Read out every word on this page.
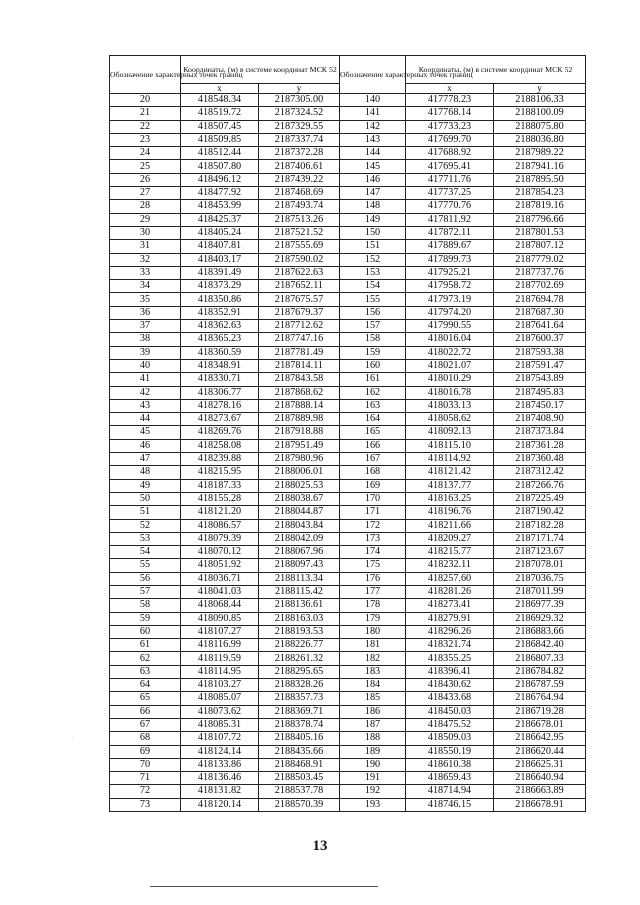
Обозначение характерных точек границ	Координаты, (м) в системе координат МСК 52		Обозначение характерных точек границ	Координаты, (м) в системе координат МСК 52	
	x	y		x	y
20	418548.34	2187305.00	140	417778.23	2188106.33
21	418519.72	2187324.52	141	417768.14	2188100.09
22	418507.45	2187329.55	142	417733.23	2188075.80
23	418509.85	2187337.74	143	417699.70	2188036.80
24	418512.44	2187372.28	144	417688.92	2187989.22
25	418507.80	2187406.61	145	417695.41	2187941.16
26	418496.12	2187439.22	146	417711.76	2187895.50
27	418477.92	2187468.69	147	417737.25	2187854.23
28	418453.99	2187493.74	148	417770.76	2187819.16
29	418425.37	2187513.26	149	417811.92	2187796.66
30	418405.24	2187521.52	150	417872.11	2187801.53
31	418407.81	2187555.69	151	417889.67	2187807.12
32	418403.17	2187590.02	152	417899.73	2187779.02
33	418391.49	2187622.63	153	417925.21	2187737.76
34	418373.29	2187652.11	154	417958.72	2187702.69
35	418350.86	2187675.57	155	417973.19	2187694.78
36	418352.91	2187679.37	156	417974.20	2187687.30
37	418362.63	2187712.62	157	417990.55	2187641.64
38	418365.23	2187747.16	158	418016.04	2187600.37
39	418360.59	2187781.49	159	418022.72	2187593.38
40	418348.91	2187814.11	160	418021.07	2187591.47
41	418330.71	2187843.58	161	418010.29	2187543.89
42	418306.77	2187868.62	162	418016.78	2187495.83
43	418278.16	2187888.14	163	418033.13	2187450.17
44	418273.67	2187889.98	164	418058.62	2187408.90
45	418269.76	2187918.88	165	418092.13	2187373.84
46	418258.08	2187951.49	166	418115.10	2187361.28
47	418239.88	2187980.96	167	418114.92	2187360.48
48	418215.95	2188006.01	168	418121.42	2187312.42
49	418187.33	2188025.53	169	418137.77	2187266.76
50	418155.28	2188038.67	170	418163.25	2187225.49
51	418121.20	2188044.87	171	418196.76	2187190.42
52	418086.57	2188043.84	172	418211.66	2187182.28
53	418079.39	2188042.09	173	418209.27	2187171.74
54	418070.12	2188067.96	174	418215.77	2187123.67
55	418051.92	2188097.43	175	418232.11	2187078.01
56	418036.71	2188113.34	176	418257.60	2187036.75
57	418041.03	2188115.42	177	418281.26	2187011.99
58	418068.44	2188136.61	178	418273.41	2186977.39
59	418090.85	2188163.03	179	418279.91	2186929.32
60	418107.27	2188193.53	180	418296.26	2186883.66
61	418116.99	2188226.77	181	418321.74	2186842.40
62	418119.59	2188261.32	182	418355.25	2186807.33
63	418114.95	2188295.65	183	418396.41	2186784.82
64	418103.27	2188328.26	184	418430.62	2186787.59
65	418085.07	2188357.73	185	418433.68	2186764.94
66	418073.62	2188369.71	186	418450.03	2186719.28
67	418085.31	2188378.74	187	418475.52	2186678.01
68	418107.72	2188405.16	188	418509.03	2186642.95
69	418124.14	2188435.66	189	418550.19	2186620.44
70	418133.86	2188468.91	190	418610.38	2186625.31
71	418136.46	2188503.45	191	418659.43	2186640.94
72	418131.82	2188537.78	192	418714.94	2186663.89
73	418120.14	2188570.39	193	418746.15	2186678.91
13
·
